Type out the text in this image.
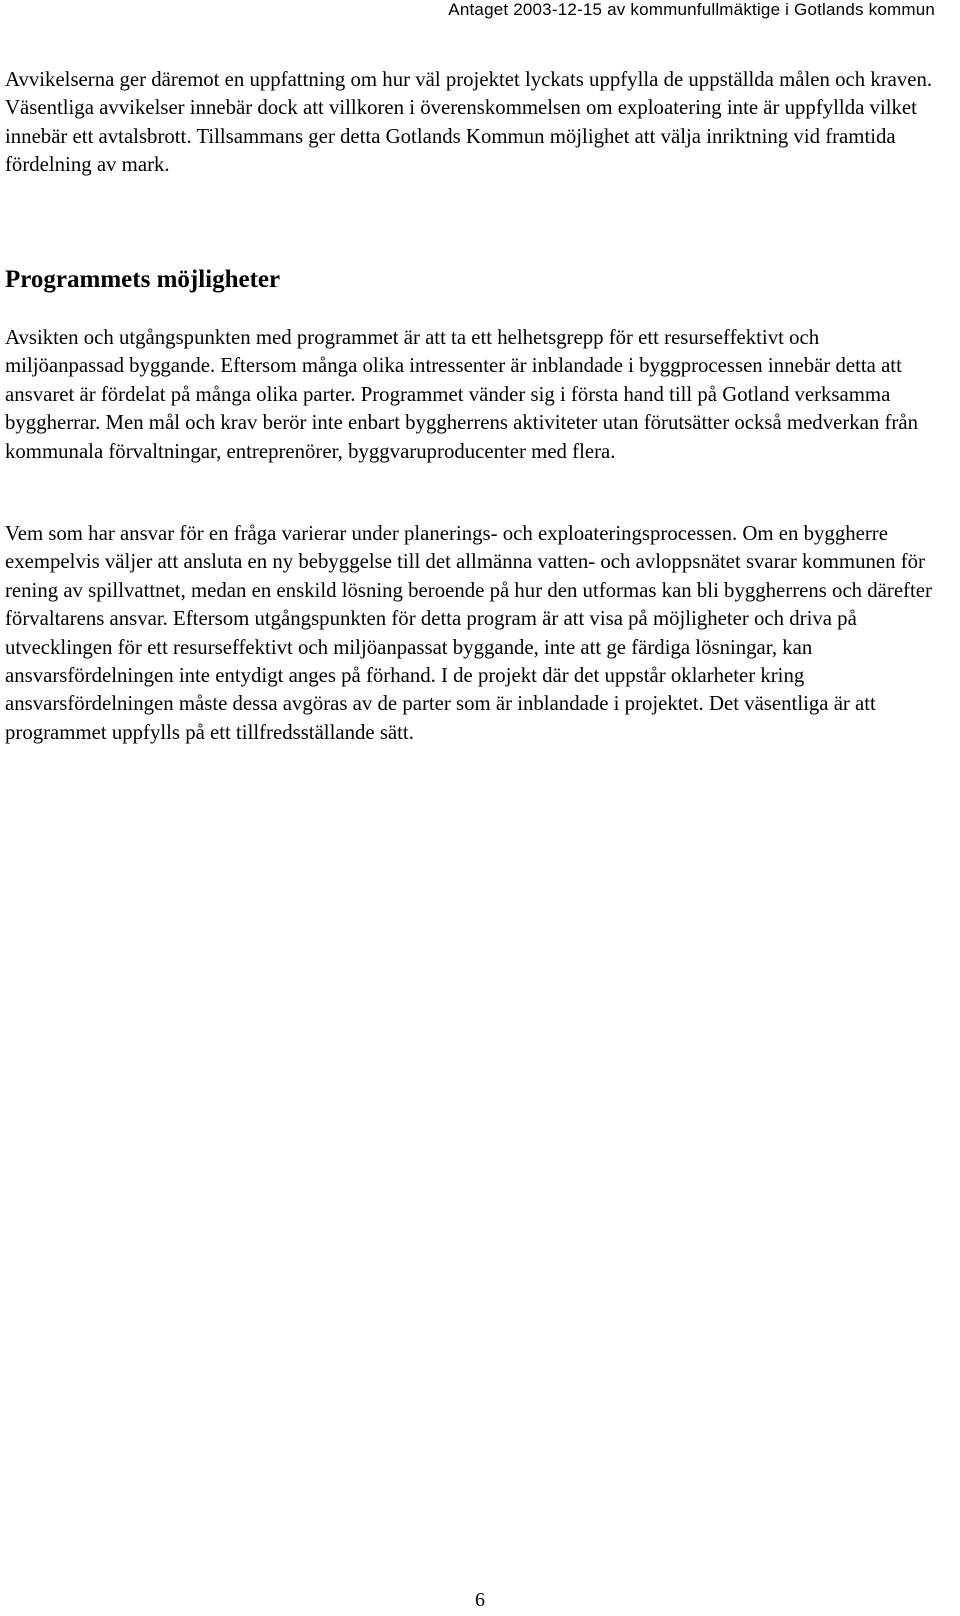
Antaget 2003-12-15 av kommunfullmäktige i Gotlands kommun

Avvikelserna ger däremot en uppfattning om hur väl projektet lyckats uppfylla de uppställda målen och kraven. Väsentliga avvikelser innebär dock att villkoren i överenskommelsen om exploatering inte är uppfyllda vilket innebär ett avtalsbrott. Tillsammans ger detta Gotlands Kommun möjlighet att välja inriktning vid framtida fördelning av mark.

Programmets möjligheter

Avsikten och utgångspunkten med programmet är att ta ett helhetsgrepp för ett resurseffektivt och miljöanpassad byggande. Eftersom många olika intressenter är inblandade i byggprocessen innebär detta att ansvaret är fördelat på många olika parter. Programmet vänder sig i första hand till på Gotland verksamma byggherrar. Men mål och krav berör inte enbart byggherrens aktiviteter utan förutsätter också medverkan från kommunala förvaltningar, entreprenörer, byggvaruproducenter med flera.

Vem som har ansvar för en fråga varierar under planerings- och exploateringsprocessen. Om en byggherre exempelvis väljer att ansluta en ny bebyggelse till det allmänna vatten- och avloppsnätet svarar kommunen för rening av spillvattnet, medan en enskild lösning beroende på hur den utformas kan bli byggherrens och därefter förvaltarens ansvar. Eftersom utgångspunkten för detta program är att visa på möjligheter och driva på utvecklingen för ett resurseffektivt och miljöanpassat byggande, inte att ge färdiga lösningar, kan ansvarsfördelningen inte entydigt anges på förhand. I de projekt där det uppstår oklarheter kring ansvarsfördelningen måste dessa avgöras av de parter som är inblandade i projektet. Det väsentliga är att programmet uppfylls på ett tillfredsställande sätt.

6
